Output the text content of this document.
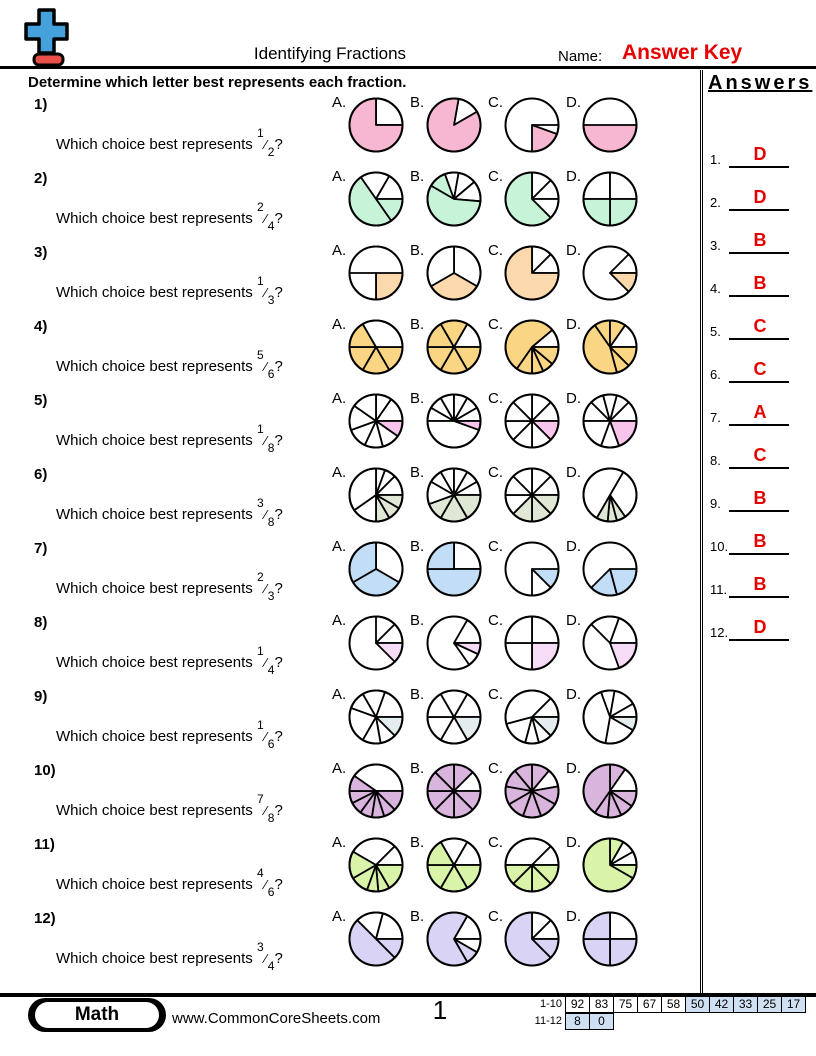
Identifying Fractions	Name: Answer Key
Determine which letter best represents each fraction.
1)
Which choice best represents $^1⁄_2$?
A.	B.	C.	D.
2)
Which choice best represents $^2⁄_4$?
A.	B.	C.	D.
3)
Which choice best represents $^1⁄_3$?
A.	B.	C.	D.
4)
Which choice best represents $^5⁄_6$?
A.	B.	C.	D.
5)
Which choice best represents $^1⁄_8$?
A.	B.	C.	D.
6)
Which choice best represents $^3⁄_8$?
A.	B.	C.	D.
7)
Which choice best represents $^2⁄_3$?
A.	B.	C.	D.
8)
Which choice best represents $^1⁄_4$?
A.	B.	C.	D.
9)
Which choice best represents $^1⁄_6$?
A.	B.	C.	D.
10)
Which choice best represents $^7⁄_8$?
A.	B.	C.	D.
11)
Which choice best represents $^4⁄_6$?
A.	B.	C.	D.
12)
Which choice best represents $^3⁄_4$?
A.	B.	C.	D.
Answers
1.	D
2.	D
3.	B
4.	B
5.	C
6.	C
7.	A
8.	C
9.	B
10.	B
11.	B
12.	D
Math	www.CommonCoreSheets.com	1	1-10 92 83 75 67 58 50 42 33 25 17
11-12	8	0
